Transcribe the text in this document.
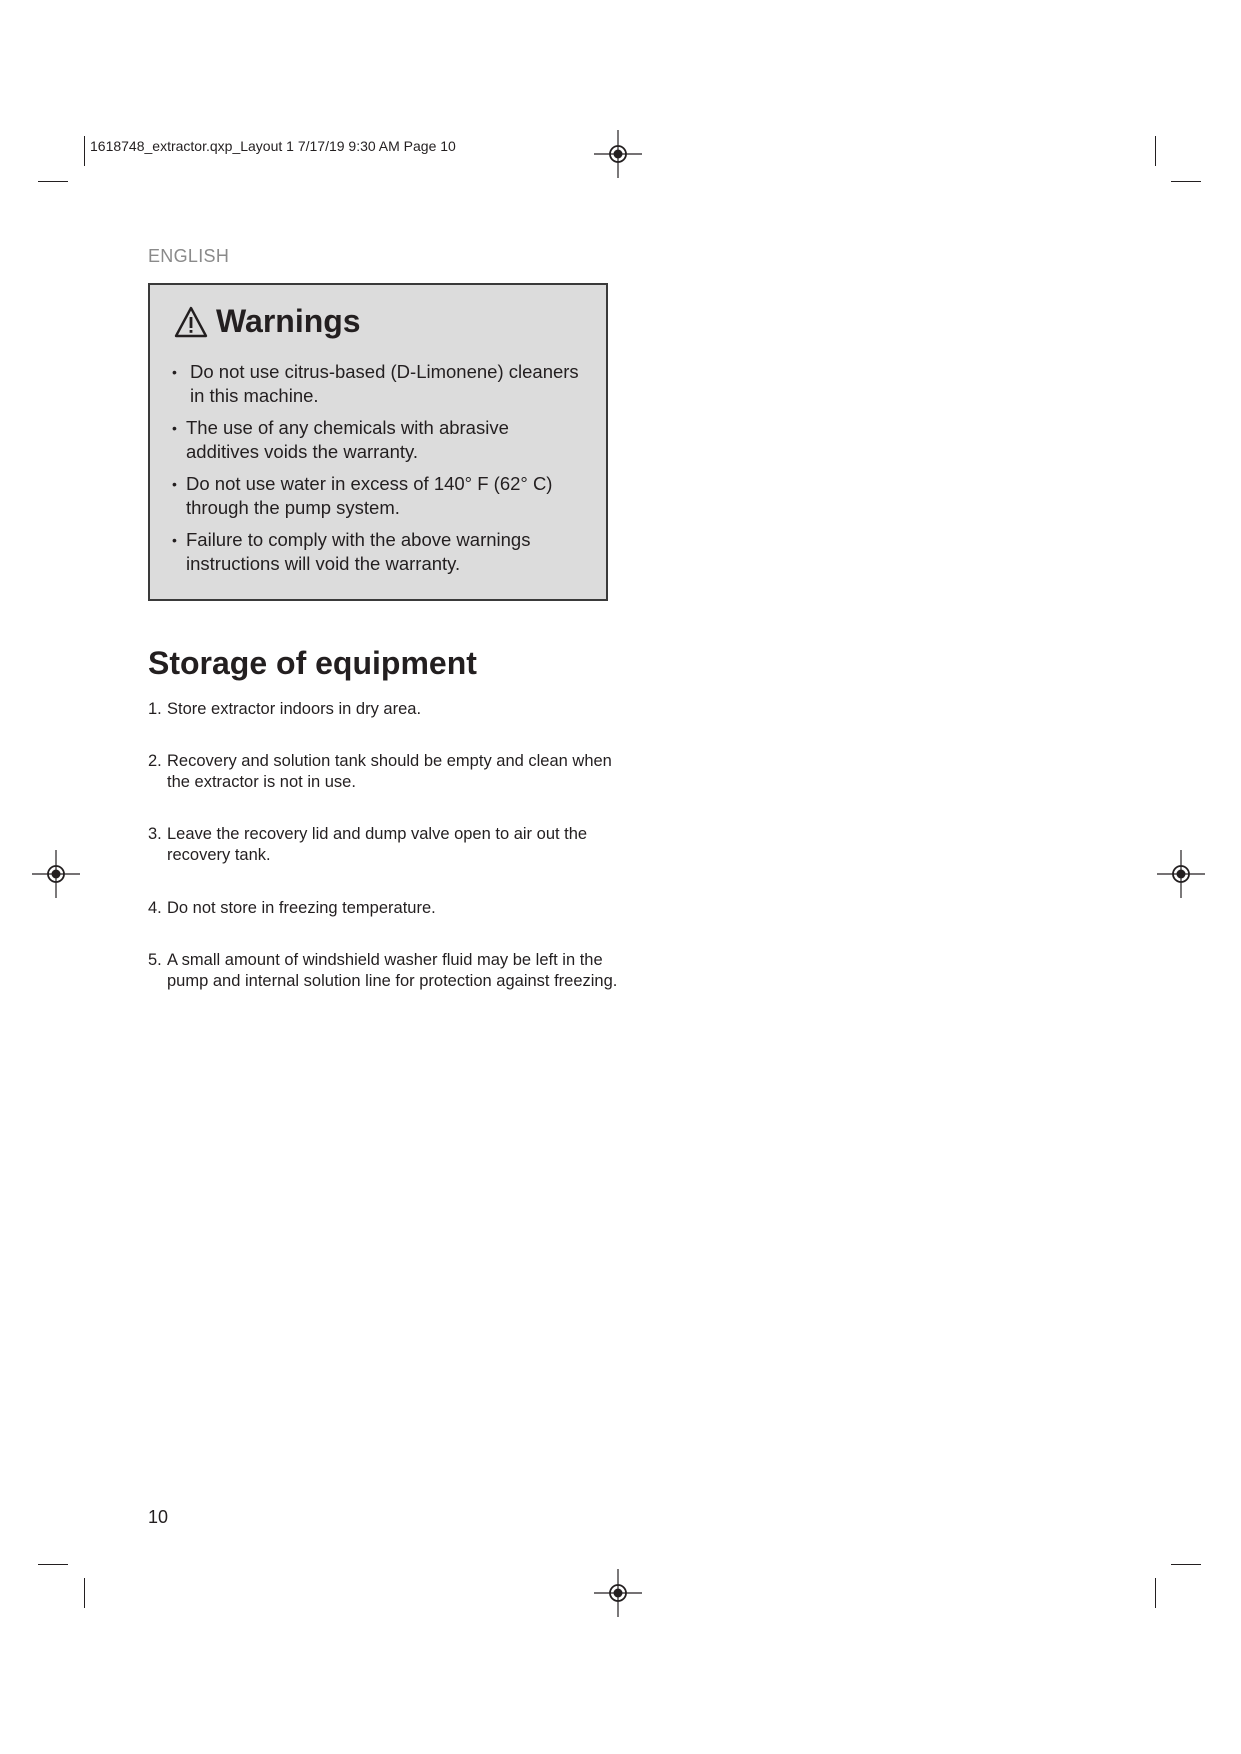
1618748_extractor.qxp_Layout 1 7/17/19 9:30 AM Page 10
ENGLISH
Warnings
• Do not use citrus-based (D-Limonene) cleaners in this machine.
• The use of any chemicals with abrasive additives voids the warranty.
• Do not use water in excess of 140° F (62° C) through the pump system.
• Failure to comply with the above warnings instructions will void the warranty.
Storage of equipment
1. Store extractor indoors in dry area.
2. Recovery and solution tank should be empty and clean when the extractor is not in use.
3. Leave the recovery lid and dump valve open to air out the recovery tank.
4. Do not store in freezing temperature.
5. A small amount of windshield washer fluid may be left in the pump and internal solution line for protection against freezing.
10
